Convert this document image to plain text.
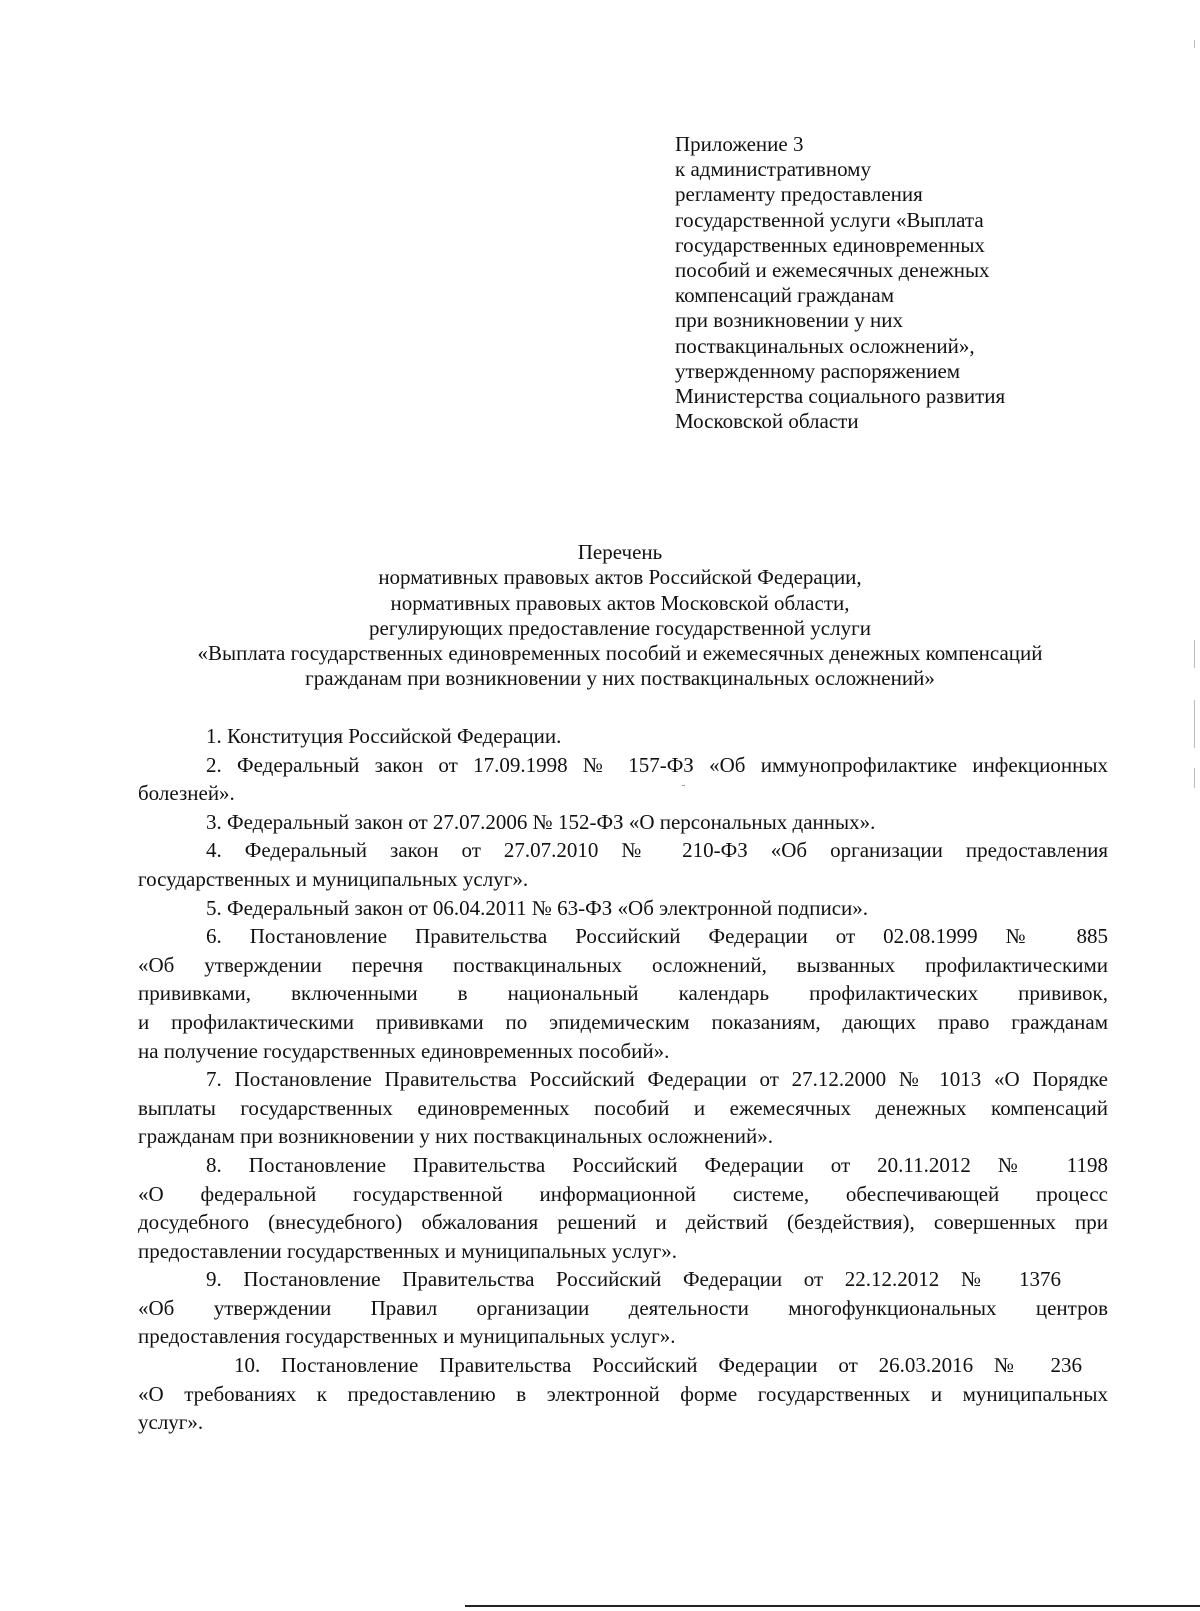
Приложение 3
к административному
регламенту предоставления
государственной услуги «Выплата
государственных единовременных
пособий и ежемесячных денежных
компенсаций гражданам
при возникновении у них
поствакцинальных осложнений»,
утвержденному распоряжением
Министерства социального развития
Московской области
Перечень
нормативных правовых актов Российской Федерации,
нормативных правовых актов Московской области,
регулирующих предоставление государственной услуги
«Выплата государственных единовременных пособий и ежемесячных денежных компенсаций
гражданам при возникновении у них поствакцинальных осложнений»

1. Конституция Российской Федерации.

2. Федеральный закон от 17.09.1998 № 157-ФЗ «Об иммунопрофилактике инфекционных
болезней».

3. Федеральный закон от 27.07.2006 № 152-ФЗ «О персональных данных».

4. Федеральный закон от 27.07.2010 № 210-ФЗ «Об организации предоставления
государственных и муниципальных услуг».

5. Федеральный закон от 06.04.2011 № 63-ФЗ «Об электронной подписи».

6. Постановление Правительства Российский Федерации от 02.08.1999 № 885
«Об утверждении перечня поствакцинальных осложнений, вызванных профилактическими
прививками, включенными в национальный календарь профилактических прививок,
и профилактическими прививками по эпидемическим показаниям, дающих право гражданам
на получение государственных единовременных пособий».

7. Постановление Правительства Российский Федерации от 27.12.2000 № 1013 «О Порядке
выплаты государственных единовременных пособий и ежемесячных денежных компенсаций
гражданам при возникновении у них поствакцинальных осложнений».

8. Постановление Правительства Российский Федерации от 20.11.2012 № 1198
«О федеральной государственной информационной системе, обеспечивающей процесс
досудебного (внесудебного) обжалования решений и действий (бездействия), совершенных при
предоставлении государственных и муниципальных услуг».

9. Постановление Правительства Российский Федерации от 22.12.2012 № 1376
«Об утверждении Правил организации деятельности многофункциональных центров
предоставления государственных и муниципальных услуг».

10. Постановление Правительства Российский Федерации от 26.03.2016 № 236
«О требованиях к предоставлению в электронной форме государственных и муниципальных
услуг».
